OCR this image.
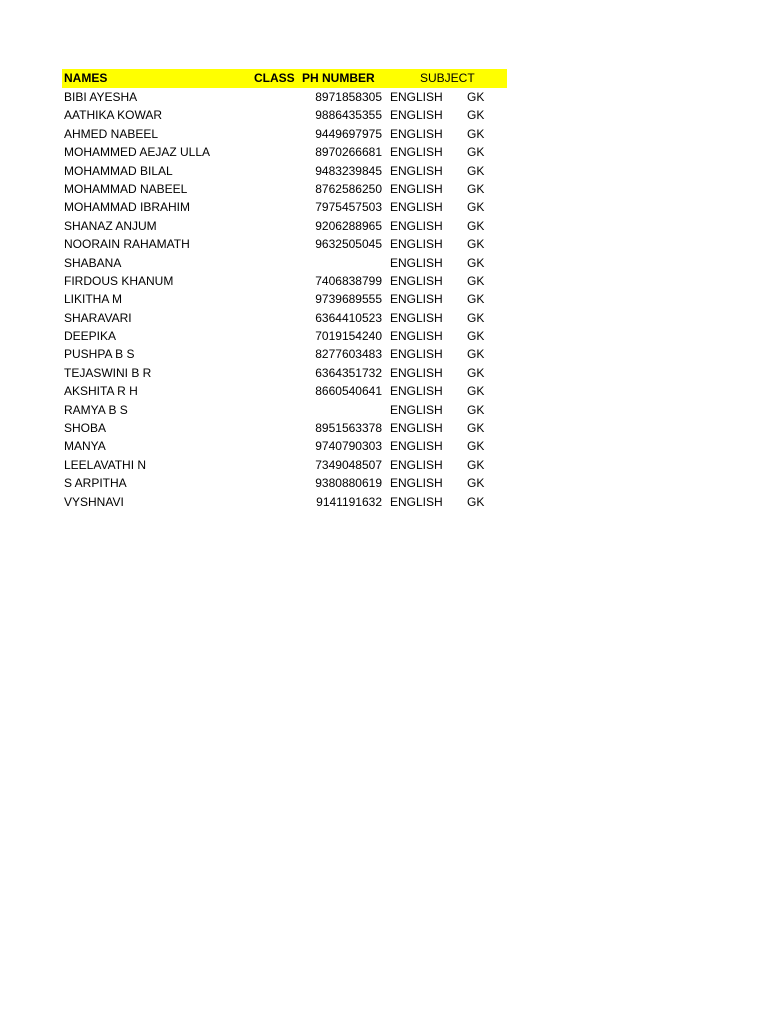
NAMES	CLASS PH NUMBER	SUBJECT
BIBI AYESHA	8971858305 ENGLISH GK
AATHIKA KOWAR	9886435355 ENGLISH GK
AHMED NABEEL	9449697975 ENGLISH GK
MOHAMMED AEJAZ ULLA	8970266681 ENGLISH GK
MOHAMMAD BILAL	9483239845 ENGLISH GK
MOHAMMAD NABEEL	8762586250 ENGLISH GK
MOHAMMAD IBRAHIM	7975457503 ENGLISH GK
SHANAZ ANJUM	9206288965 ENGLISH GK
NOORAIN RAHAMATH	9632505045 ENGLISH GK
SHABANA	ENGLISH GK
FIRDOUS KHANUM	7406838799 ENGLISH GK
LIKITHA M	9739689555 ENGLISH GK
SHARAVARI	6364410523 ENGLISH GK
DEEPIKA	7019154240 ENGLISH GK
PUSHPA B S	8277603483 ENGLISH GK
TEJASWINI B R	6364351732 ENGLISH GK
AKSHITA R H	8660540641 ENGLISH GK
RAMYA B S	ENGLISH GK
SHOBA	8951563378 ENGLISH GK
MANYA	9740790303 ENGLISH GK
LEELAVATHI N	7349048507 ENGLISH GK
S ARPITHA	9380880619 ENGLISH GK
VYSHNAVI	9141191632 ENGLISH GK
